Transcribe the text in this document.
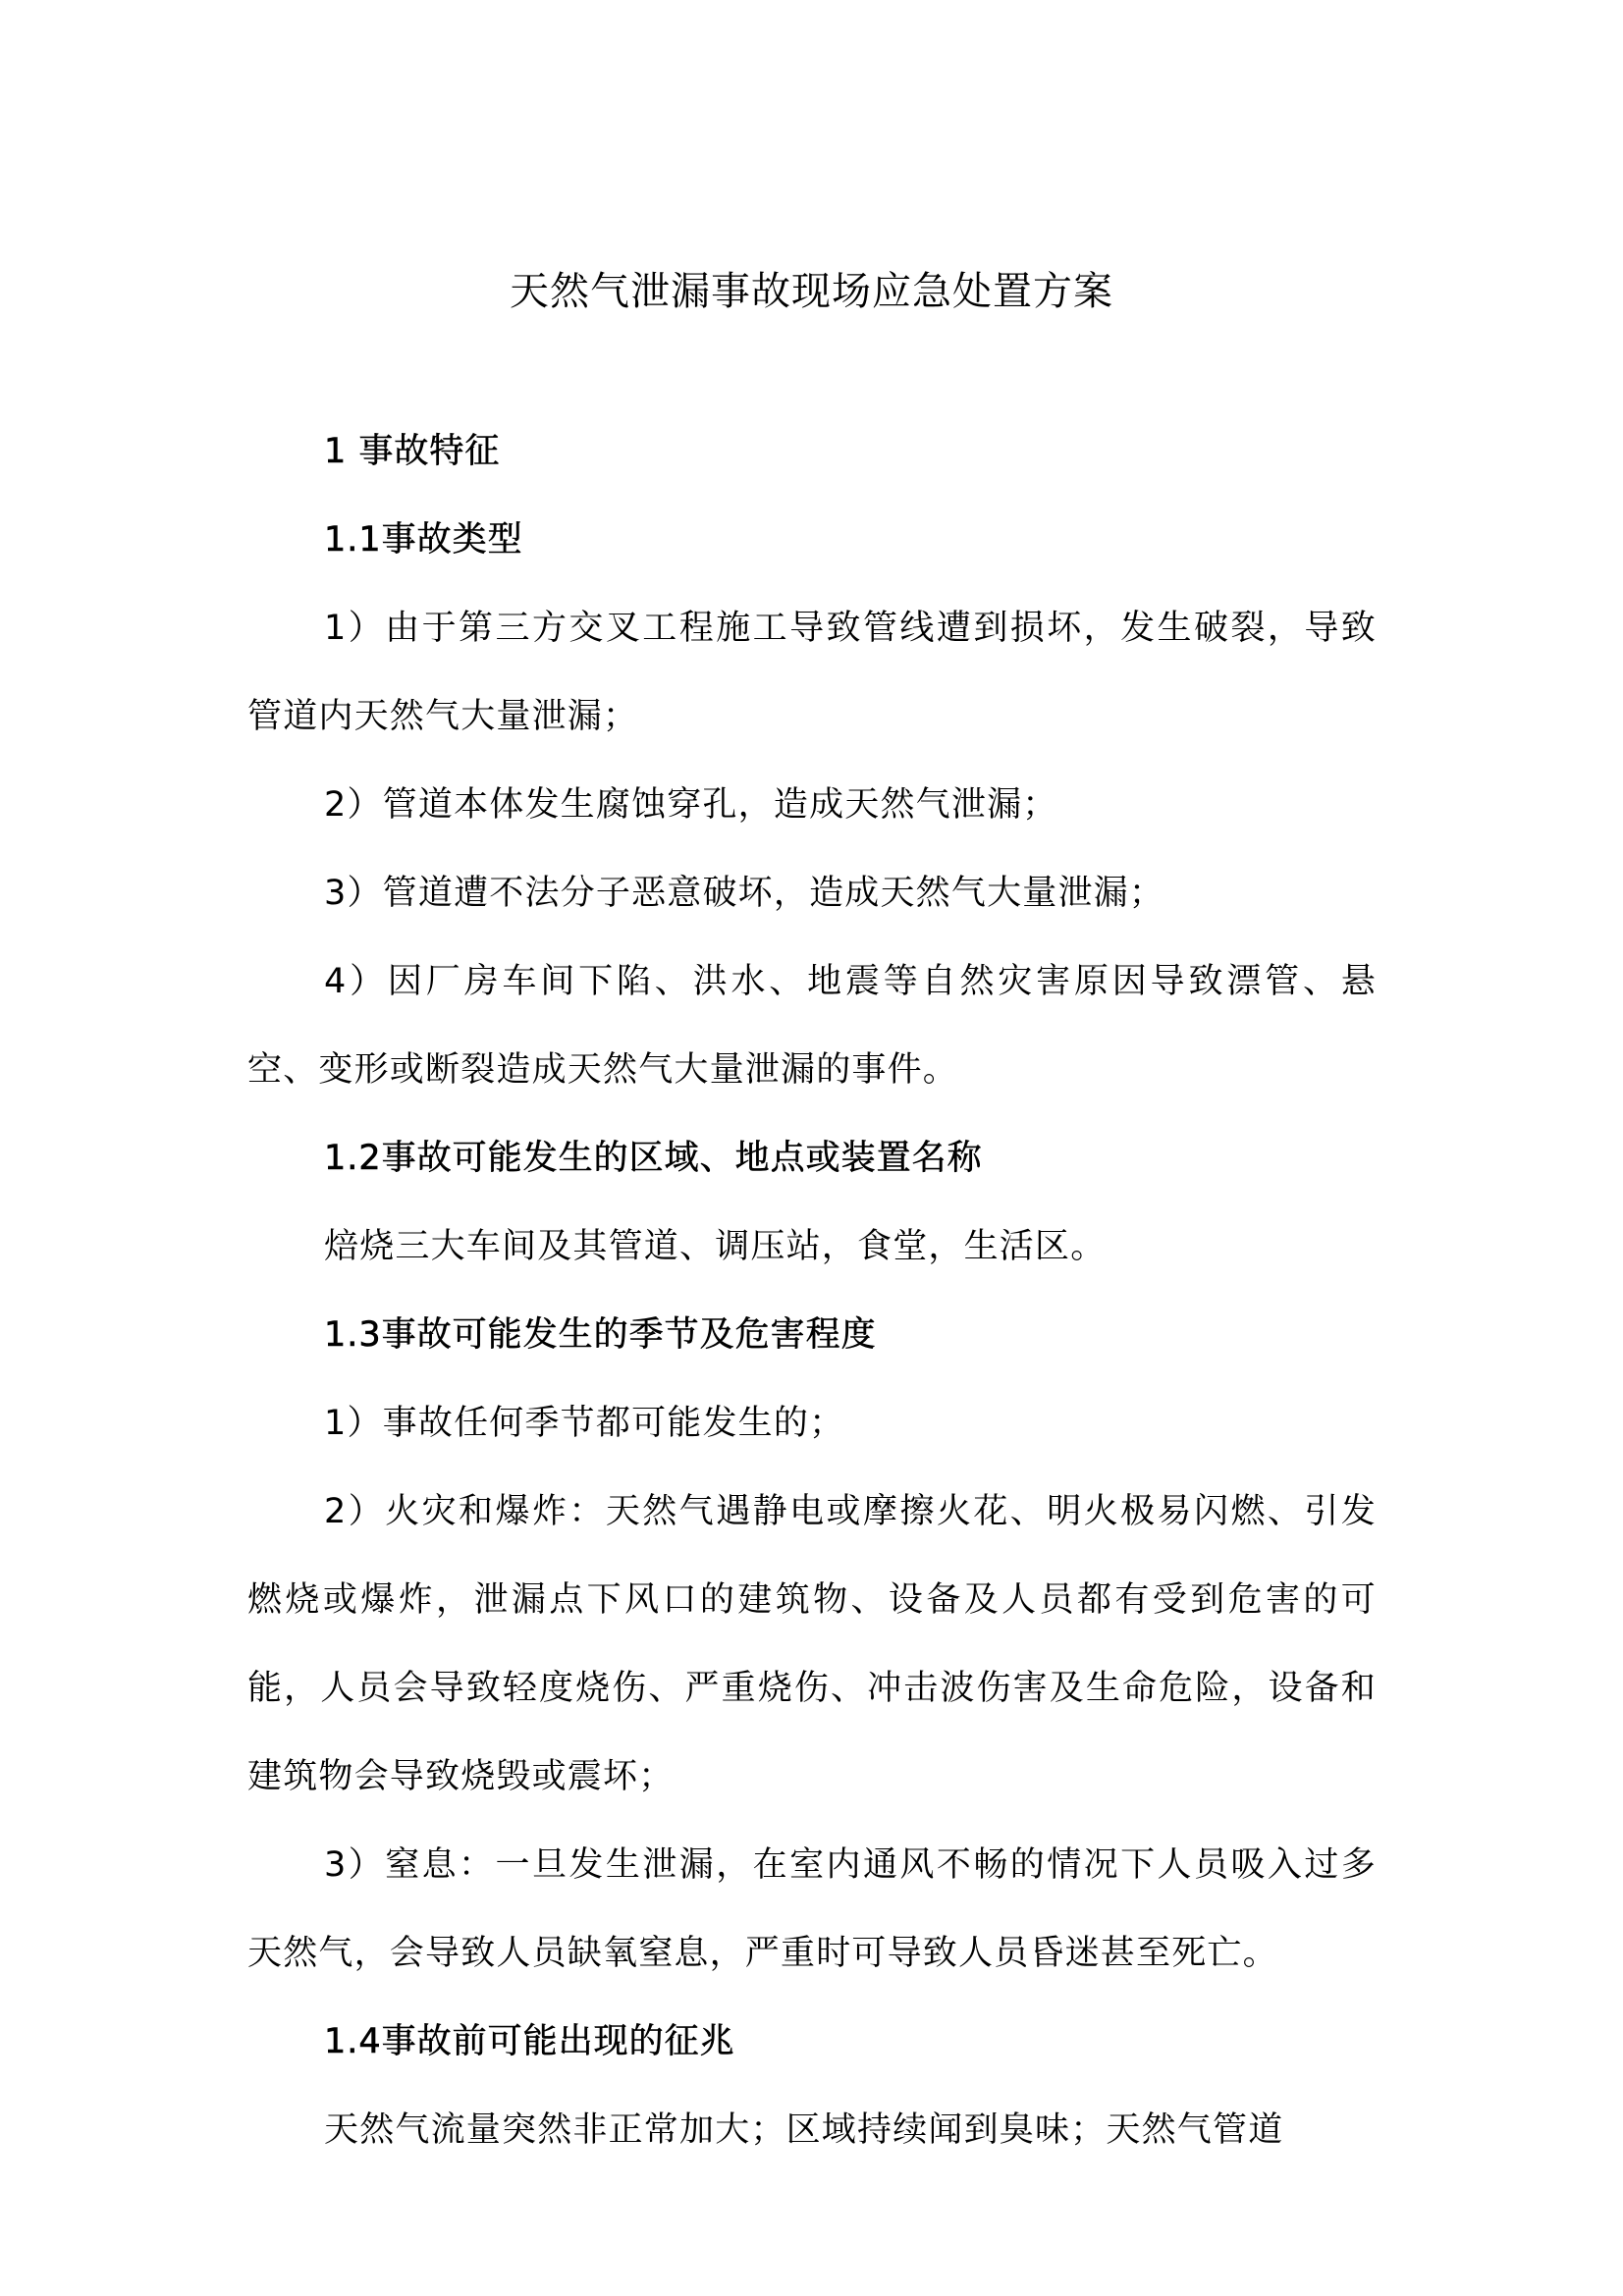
天然气泄漏事故现场应急处置方案
1 事故特征
1.1事故类型

1）由于第三方交叉工程施工导致管线遭到损坏，发生破裂，导致管道内天然气大量泄漏；

2）管道本体发生腐蚀穿孔，造成天然气泄漏；

3）管道遭不法分子恶意破坏，造成天然气大量泄漏；

4）因厂房车间下陷、洪水、地震等自然灾害原因导致漂管、悬空、变形或断裂造成天然气大量泄漏的事件。

1.2事故可能发生的区域、地点或装置名称

焙烧三大车间及其管道、调压站，食堂，生活区。

1.3事故可能发生的季节及危害程度

1）事故任何季节都可能发生的；

2）火灾和爆炸：天然气遇静电或摩擦火花、明火极易闪燃、引发燃烧或爆炸，泄漏点下风口的建筑物、设备及人员都有受到危害的可能，人员会导致轻度烧伤、严重烧伤、冲击波伤害及生命危险，设备和建筑物会导致烧毁或震坏；

3）窒息：一旦发生泄漏，在室内通风不畅的情况下人员吸入过多天然气，会导致人员缺氧窒息，严重时可导致人员昏迷甚至死亡。

1.4事故前可能出现的征兆

天然气流量突然非正常加大；区域持续闻到臭味；天然气管道
